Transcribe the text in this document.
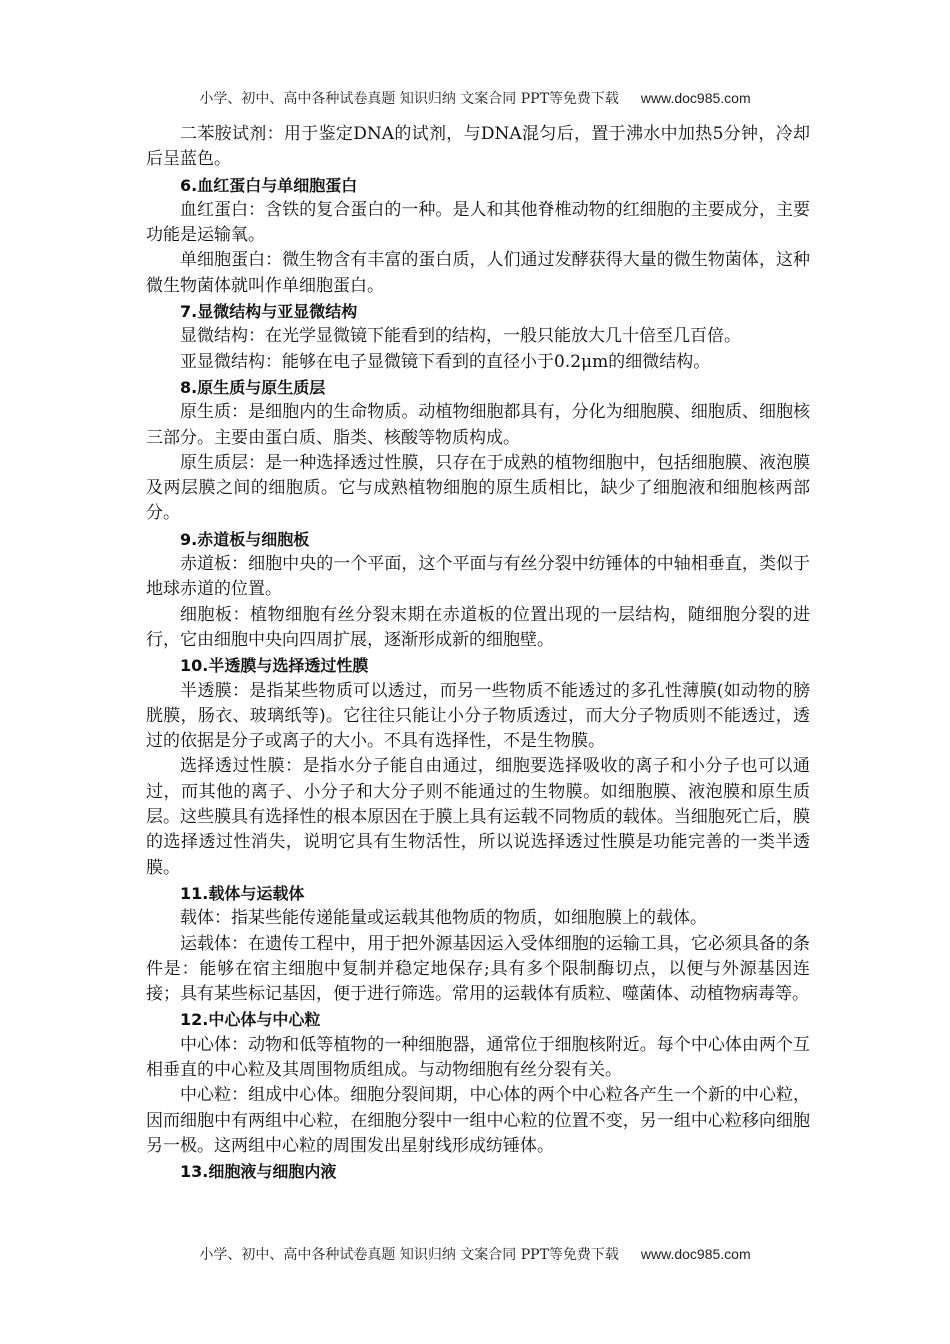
小学、初中、高中各种试卷真题 知识归纳 文案合同 PPT等免费下载 www.doc985.com

二苯胺试剂：用于鉴定DNA的试剂，与DNA混匀后，置于沸水中加热5分钟，冷却后呈蓝色。

6.血红蛋白与单细胞蛋白

血红蛋白：含铁的复合蛋白的一种。是人和其他脊椎动物的红细胞的主要成分，主要功能是运输氧。

单细胞蛋白：微生物含有丰富的蛋白质，人们通过发酵获得大量的微生物菌体，这种微生物菌体就叫作单细胞蛋白。

7.显微结构与亚显微结构

显微结构：在光学显微镜下能看到的结构，一般只能放大几十倍至几百倍。

亚显微结构：能够在电子显微镜下看到的直径小于0.2μm的细微结构。

8.原生质与原生质层

原生质：是细胞内的生命物质。动植物细胞都具有，分化为细胞膜、细胞质、细胞核三部分。主要由蛋白质、脂类、核酸等物质构成。

原生质层：是一种选择透过性膜，只存在于成熟的植物细胞中，包括细胞膜、液泡膜及两层膜之间的细胞质。它与成熟植物细胞的原生质相比，缺少了细胞液和细胞核两部分。

9.赤道板与细胞板

赤道板：细胞中央的一个平面，这个平面与有丝分裂中纺锤体的中轴相垂直，类似于地球赤道的位置。

细胞板：植物细胞有丝分裂末期在赤道板的位置出现的一层结构，随细胞分裂的进行，它由细胞中央向四周扩展，逐渐形成新的细胞壁。

10.半透膜与选择透过性膜

半透膜：是指某些物质可以透过，而另一些物质不能透过的多孔性薄膜(如动物的膀胱膜，肠衣、玻璃纸等)。它往往只能让小分子物质透过，而大分子物质则不能透过，透过的依据是分子或离子的大小。不具有选择性，不是生物膜。

选择透过性膜：是指水分子能自由通过，细胞要选择吸收的离子和小分子也可以通过，而其他的离子、小分子和大分子则不能通过的生物膜。如细胞膜、液泡膜和原生质层。这些膜具有选择性的根本原因在于膜上具有运载不同物质的载体。当细胞死亡后，膜的选择透过性消失，说明它具有生物活性，所以说选择透过性膜是功能完善的一类半透膜。

11.载体与运载体

载体：指某些能传递能量或运载其他物质的物质，如细胞膜上的载体。

运载体：在遗传工程中，用于把外源基因运入受体细胞的运输工具，它必须具备的条件是：能够在宿主细胞中复制并稳定地保存;具有多个限制酶切点，以便与外源基因连接；具有某些标记基因，便于进行筛选。常用的运载体有质粒、噬菌体、动植物病毒等。

12.中心体与中心粒

中心体：动物和低等植物的一种细胞器，通常位于细胞核附近。每个中心体由两个互相垂直的中心粒及其周围物质组成。与动物细胞有丝分裂有关。

中心粒：组成中心体。细胞分裂间期，中心体的两个中心粒各产生一个新的中心粒，因而细胞中有两组中心粒，在细胞分裂中一组中心粒的位置不变，另一组中心粒移向细胞另一极。这两组中心粒的周围发出星射线形成纺锤体。

13.细胞液与细胞内液

小学、初中、高中各种试卷真题 知识归纳 文案合同 PPT等免费下载 www.doc985.com
